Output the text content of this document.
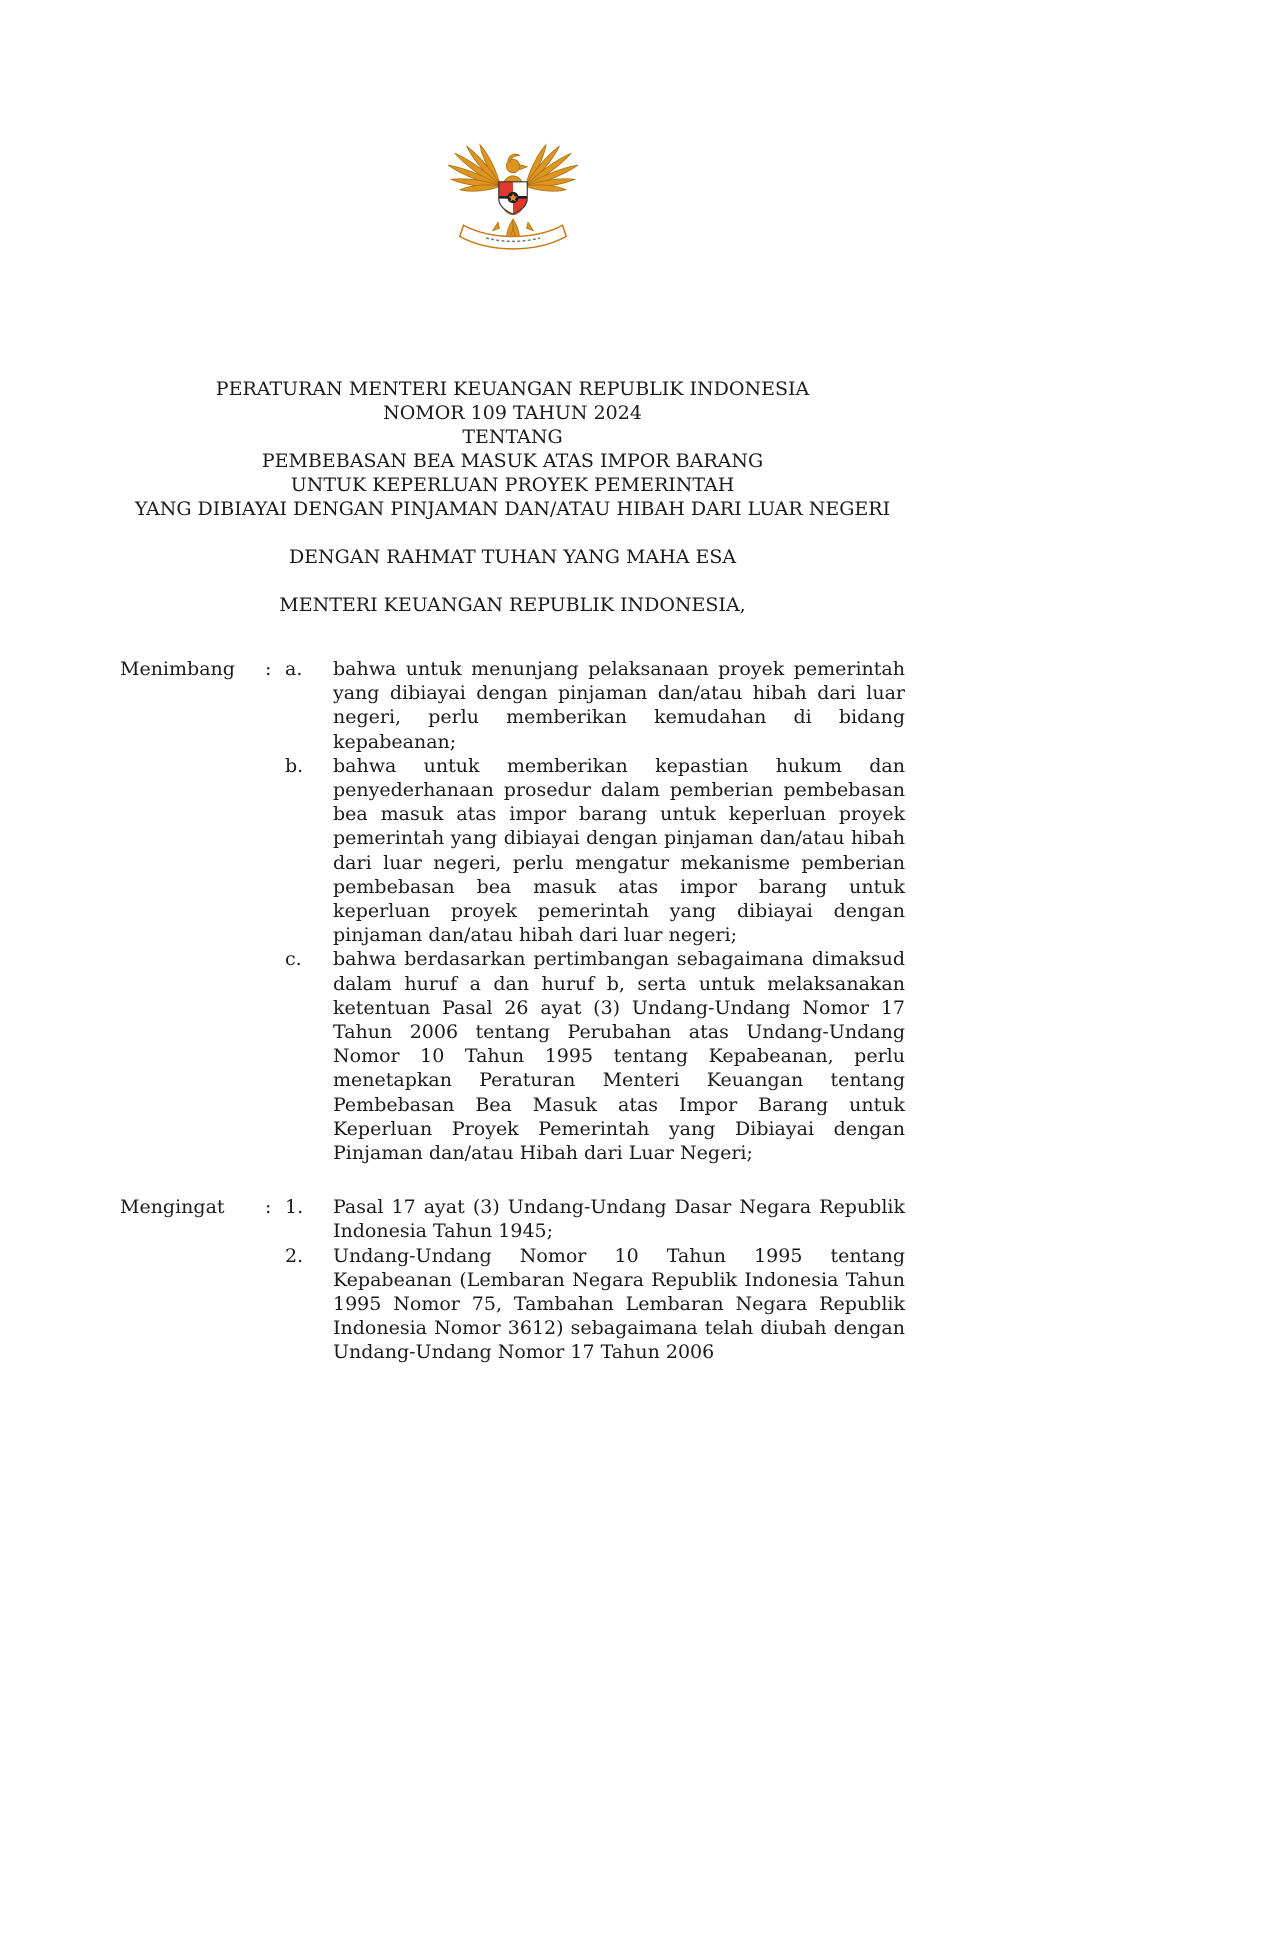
PERATURAN MENTERI KEUANGAN REPUBLIK INDONESIA
NOMOR 109 TAHUN 2024
TENTANG
PEMBEBASAN BEA MASUK ATAS IMPOR BARANG
UNTUK KEPERLUAN PROYEK PEMERINTAH
YANG DIBIAYAI DENGAN PINJAMAN DAN/ATAU HIBAH DARI LUAR NEGERI
DENGAN RAHMAT TUHAN YANG MAHA ESA
MENTERI KEUANGAN REPUBLIK INDONESIA,
Menimbang	: a.	bahwa untuk menunjang pelaksanaan proyek pemerintah yang dibiayai dengan pinjaman dan/atau hibah dari luar negeri, perlu memberikan kemudahan di bidang kepabeanan;
b.	bahwa untuk memberikan kepastian hukum dan penyederhanaan prosedur dalam pemberian pembebasan bea masuk atas impor barang untuk keperluan proyek pemerintah yang dibiayai dengan pinjaman dan/atau hibah dari luar negeri, perlu mengatur mekanisme pemberian pembebasan bea masuk atas impor barang untuk keperluan proyek pemerintah yang dibiayai dengan pinjaman dan/atau hibah dari luar negeri;
c.	bahwa berdasarkan pertimbangan sebagaimana dimaksud dalam huruf a dan huruf b, serta untuk melaksanakan ketentuan Pasal 26 ayat (3) Undang-Undang Nomor 17 Tahun 2006 tentang Perubahan atas Undang-Undang Nomor 10 Tahun 1995 tentang Kepabeanan, perlu menetapkan Peraturan Menteri Keuangan tentang Pembebasan Bea Masuk atas Impor Barang untuk Keperluan Proyek Pemerintah yang Dibiayai dengan Pinjaman dan/atau Hibah dari Luar Negeri;
Mengingat	: 1.	Pasal 17 ayat (3) Undang-Undang Dasar Negara Republik Indonesia Tahun 1945;
2.	Undang-Undang Nomor 10 Tahun 1995 tentang Kepabeanan (Lembaran Negara Republik Indonesia Tahun 1995 Nomor 75, Tambahan Lembaran Negara Republik Indonesia Nomor 3612) sebagaimana telah diubah dengan Undang-Undang Nomor 17 Tahun 2006
